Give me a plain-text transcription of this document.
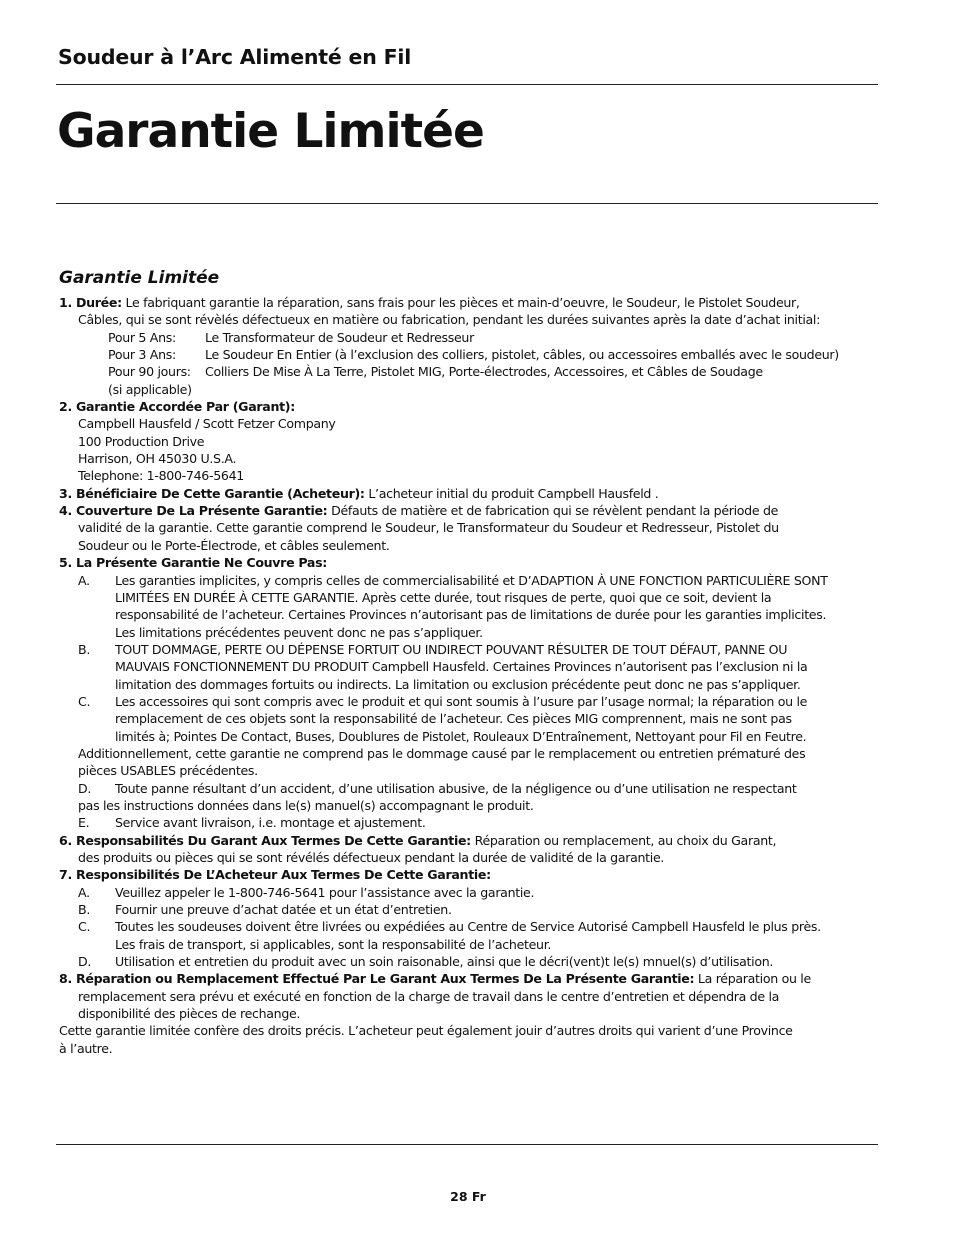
Soudeur à l’Arc Alimenté en Fil
Garantie Limitée
Garantie Limitée
1. Durée: Le fabriquant garantie la réparation, sans frais pour les pièces et main-d’oeuvre, le Soudeur, le Pistolet Soudeur,
Câbles, qui se sont révèlés défectueux en matière ou fabrication, pendant les durées suivantes après la date d’achat initial:
Pour 5 Ans:	Le Transformateur de Soudeur et Redresseur
Pour 3 Ans:	Le Soudeur En Entier (à l’exclusion des colliers, pistolet, câbles, ou accessoires emballés avec le soudeur)
Pour 90 jours:	Colliers De Mise À La Terre, Pistolet MIG, Porte-électrodes, Accessoires, et Câbles de Soudage
(si applicable)
2. Garantie Accordée Par (Garant):
Campbell Hausfeld / Scott Fetzer Company
100 Production Drive
Harrison, OH 45030 U.S.A.
Telephone: 1-800-746-5641
3. Bénéficiaire De Cette Garantie (Acheteur): L’acheteur initial du produit Campbell Hausfeld .
4. Couverture De La Présente Garantie: Défauts de matière et de fabrication qui se révèlent pendant la période de
validité de la garantie. Cette garantie comprend le Soudeur, le Transformateur du Soudeur et Redresseur, Pistolet du
Soudeur ou le Porte-Électrode, et câbles seulement.
5. La Présente Garantie Ne Couvre Pas:
A.	Les garanties implicites, y compris celles de commercialisabilité et D’ADAPTION À UNE FONCTION PARTICULIÈRE SONT
LIMITÉES EN DURÉE À CETTE GARANTIE. Après cette durée, tout risques de perte, quoi que ce soit, devient la
responsabilité de l’acheteur. Certaines Provinces n’autorisant pas de limitations de durée pour les garanties implicites.
Les limitations précédentes peuvent donc ne pas s’appliquer.
B.	TOUT DOMMAGE, PERTE OU DÉPENSE FORTUIT OU INDIRECT POUVANT RÉSULTER DE TOUT DÉFAUT, PANNE OU
MAUVAIS FONCTIONNEMENT DU PRODUIT Campbell Hausfeld. Certaines Provinces n’autorisent pas l’exclusion ni la
limitation des dommages fortuits ou indirects. La limitation ou exclusion précédente peut donc ne pas s’appliquer.
C.	Les accessoires qui sont compris avec le produit et qui sont soumis à l’usure par l’usage normal; la réparation ou le
remplacement de ces objets sont la responsabilité de l’acheteur. Ces pièces MIG comprennent, mais ne sont pas
limités à; Pointes De Contact, Buses, Doublures de Pistolet, Rouleaux D’Entraînement, Nettoyant pour Fil en Feutre.
Additionnellement, cette garantie ne comprend pas le dommage causé par le remplacement ou entretien prématuré des
pièces USABLES précédentes.
D.	Toute panne résultant d’un accident, d’une utilisation abusive, de la négligence ou d’une utilisation ne respectant
pas les instructions données dans le(s) manuel(s) accompagnant le produit.
E.	Service avant livraison, i.e. montage et ajustement.
6. Responsabilités Du Garant Aux Termes De Cette Garantie: Réparation ou remplacement, au choix du Garant,
des produits ou pièces qui se sont révélés défectueux pendant la durée de validité de la garantie.
7. Responsibilités De L’Acheteur Aux Termes De Cette Garantie:
A.	Veuillez appeler le 1-800-746-5641 pour l’assistance avec la garantie.
B.	Fournir une preuve d’achat datée et un état d’entretien.
C.	Toutes les soudeuses doivent être livrées ou expédiées au Centre de Service Autorisé Campbell Hausfeld le plus près.
Les frais de transport, si applicables, sont la responsabilité de l’acheteur.
D.	Utilisation et entretien du produit avec un soin raisonable, ainsi que le décri(vent)t le(s) mnuel(s) d’utilisation.
8. Réparation ou Remplacement Effectué Par Le Garant Aux Termes De La Présente Garantie: La réparation ou le
remplacement sera prévu et exécuté en fonction de la charge de travail dans le centre d’entretien et dépendra de la
disponibilité des pièces de rechange.
Cette garantie limitée confère des droits précis. L’acheteur peut également jouir d’autres droits qui varient d’une Province
à l’autre.
28 Fr
